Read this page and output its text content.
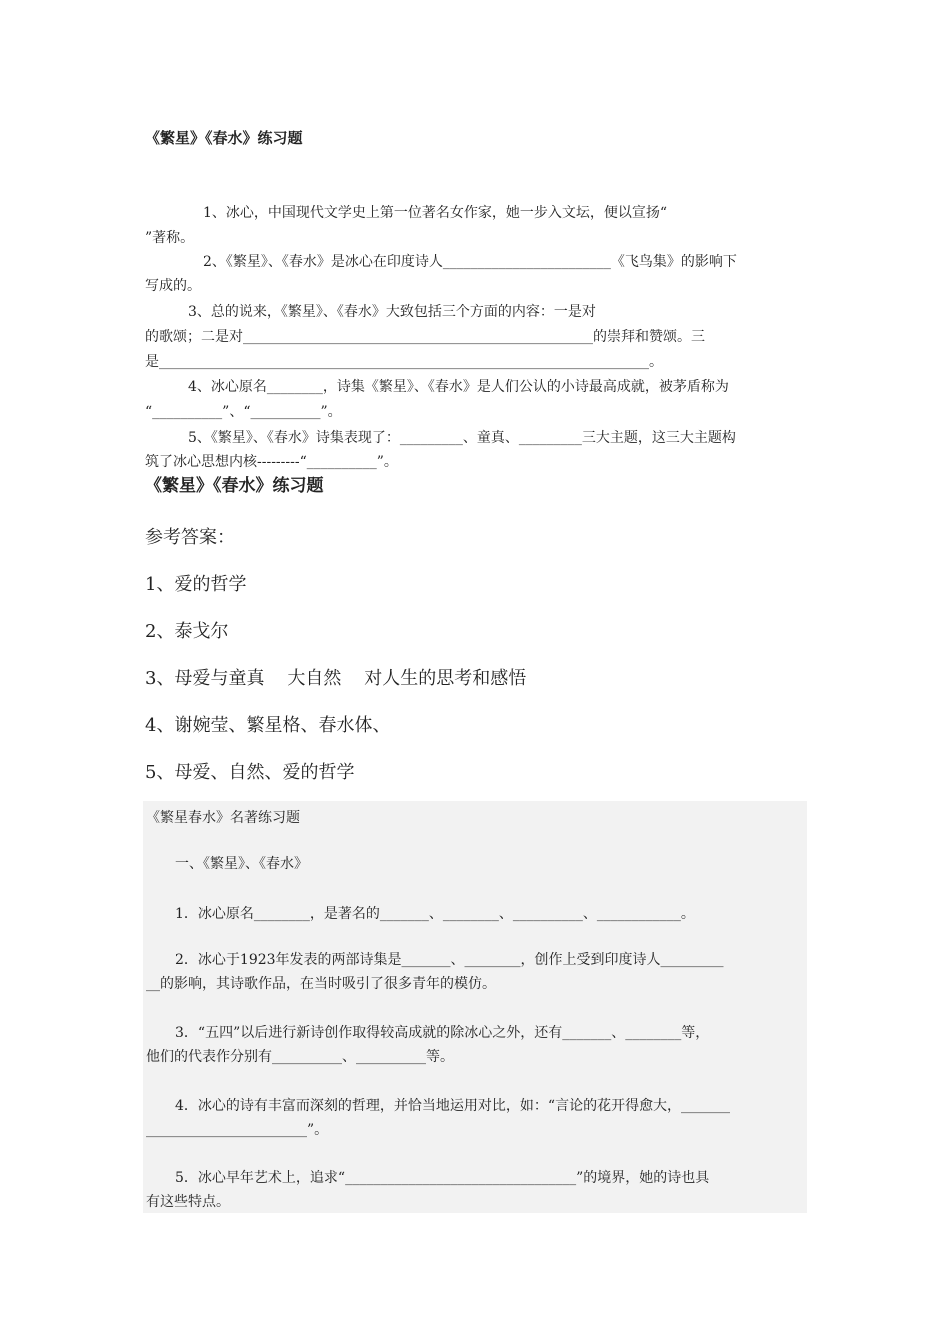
《繁星》《春水》练习题
1、冰心，中国现代文学史上第一位著名女作家，她一步入文坛，便以宣扬“
”著称。
2、《繁星》、《春水》是冰心在印度诗人________________________《飞鸟集》的影响下
写成的。
3、总的说来，《繁星》、《春水》大致包括三个方面的内容：一是对
的歌颂；二是对__________________________________________________的崇拜和赞颂。三
是______________________________________________________________________。
4、冰心原名________，诗集《繁星》、《春水》是人们公认的小诗最高成就，被茅盾称为
“__________”、“__________”。
5、《繁星》、《春水》诗集表现了：_________、童真、_________三大主题，这三大主题构
筑了冰心思想内核---------“__________”。
《繁星》《春水》练习题
参考答案：
1、爱的哲学
2、泰戈尔
3、母爱与童真    大自然    对人生的思考和感悟
4、谢婉莹、繁星格、春水体、
5、母爱、自然、爱的哲学
《繁星春水》名著练习题
一、《繁星》、《春水》
1．冰心原名________，是著名的_______、________、__________、____________。
2．冰心于1923年发表的两部诗集是_______、________，创作上受到印度诗人_________
__的影响，其诗歌作品，在当时吸引了很多青年的模仿。
3．“五四”以后进行新诗创作取得较高成就的除冰心之外，还有_______、________等，
他们的代表作分别有__________、__________等。
4．冰心的诗有丰富而深刻的哲理，并恰当地运用对比，如：“言论的花开得愈大，_______
_______________________”。
5．冰心早年艺术上，追求“_________________________________”的境界，她的诗也具
有这些特点。
